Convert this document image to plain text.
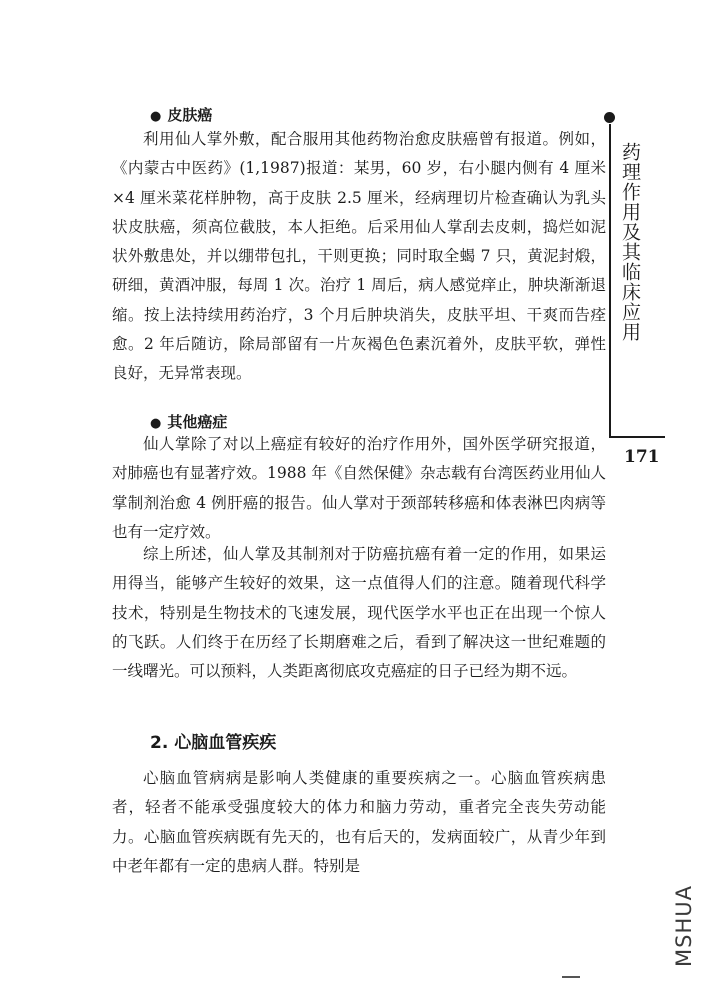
● 皮肤癌

利用仙人掌外敷，配合服用其他药物治愈皮肤癌曾有报道。例如，《内蒙古中医药》(1,1987)报道：某男，60 岁，右小腿内侧有 4 厘米×4 厘米菜花样肿物，高于皮肤 2.5 厘米，经病理切片检查确认为乳头状皮肤癌，须高位截肢，本人拒绝。后采用仙人掌刮去皮刺，捣烂如泥状外敷患处，并以绷带包扎，干则更换；同时取全蝎 7 只，黄泥封煅，研细，黄酒冲服，每周 1 次。治疗 1 周后，病人感觉痒止，肿块渐渐退缩。按上法持续用药治疗，3 个月后肿块消失，皮肤平坦、干爽而告痊愈。2 年后随访，除局部留有一片灰褐色色素沉着外，皮肤平软，弹性良好，无异常表现。

● 其他癌症

仙人掌除了对以上癌症有较好的治疗作用外，国外医学研究报道，对肺癌也有显著疗效。1988 年《自然保健》杂志载有台湾医药业用仙人掌制剂治愈 4 例肝癌的报告。仙人掌对于颈部转移癌和体表淋巴肉病等也有一定疗效。

综上所述，仙人掌及其制剂对于防癌抗癌有着一定的作用，如果运用得当，能够产生较好的效果，这一点值得人们的注意。随着现代科学技术，特别是生物技术的飞速发展，现代医学水平也正在出现一个惊人的飞跃。人们终于在历经了长期磨难之后，看到了解决这一世纪难题的一线曙光。可以预料，人类距离彻底攻克癌症的日子已经为期不远。

2. 心脑血管疾疾

心脑血管病病是影响人类健康的重要疾病之一。心脑血管疾病患者，轻者不能承受强度较大的体力和脑力劳动，重者完全丧失劳动能力。心脑血管疾病既有先天的，也有后天的，发病面较广，从青少年到中老年都有一定的患病人群。特别是

药理作用及其临床应用
171
MSHUA
